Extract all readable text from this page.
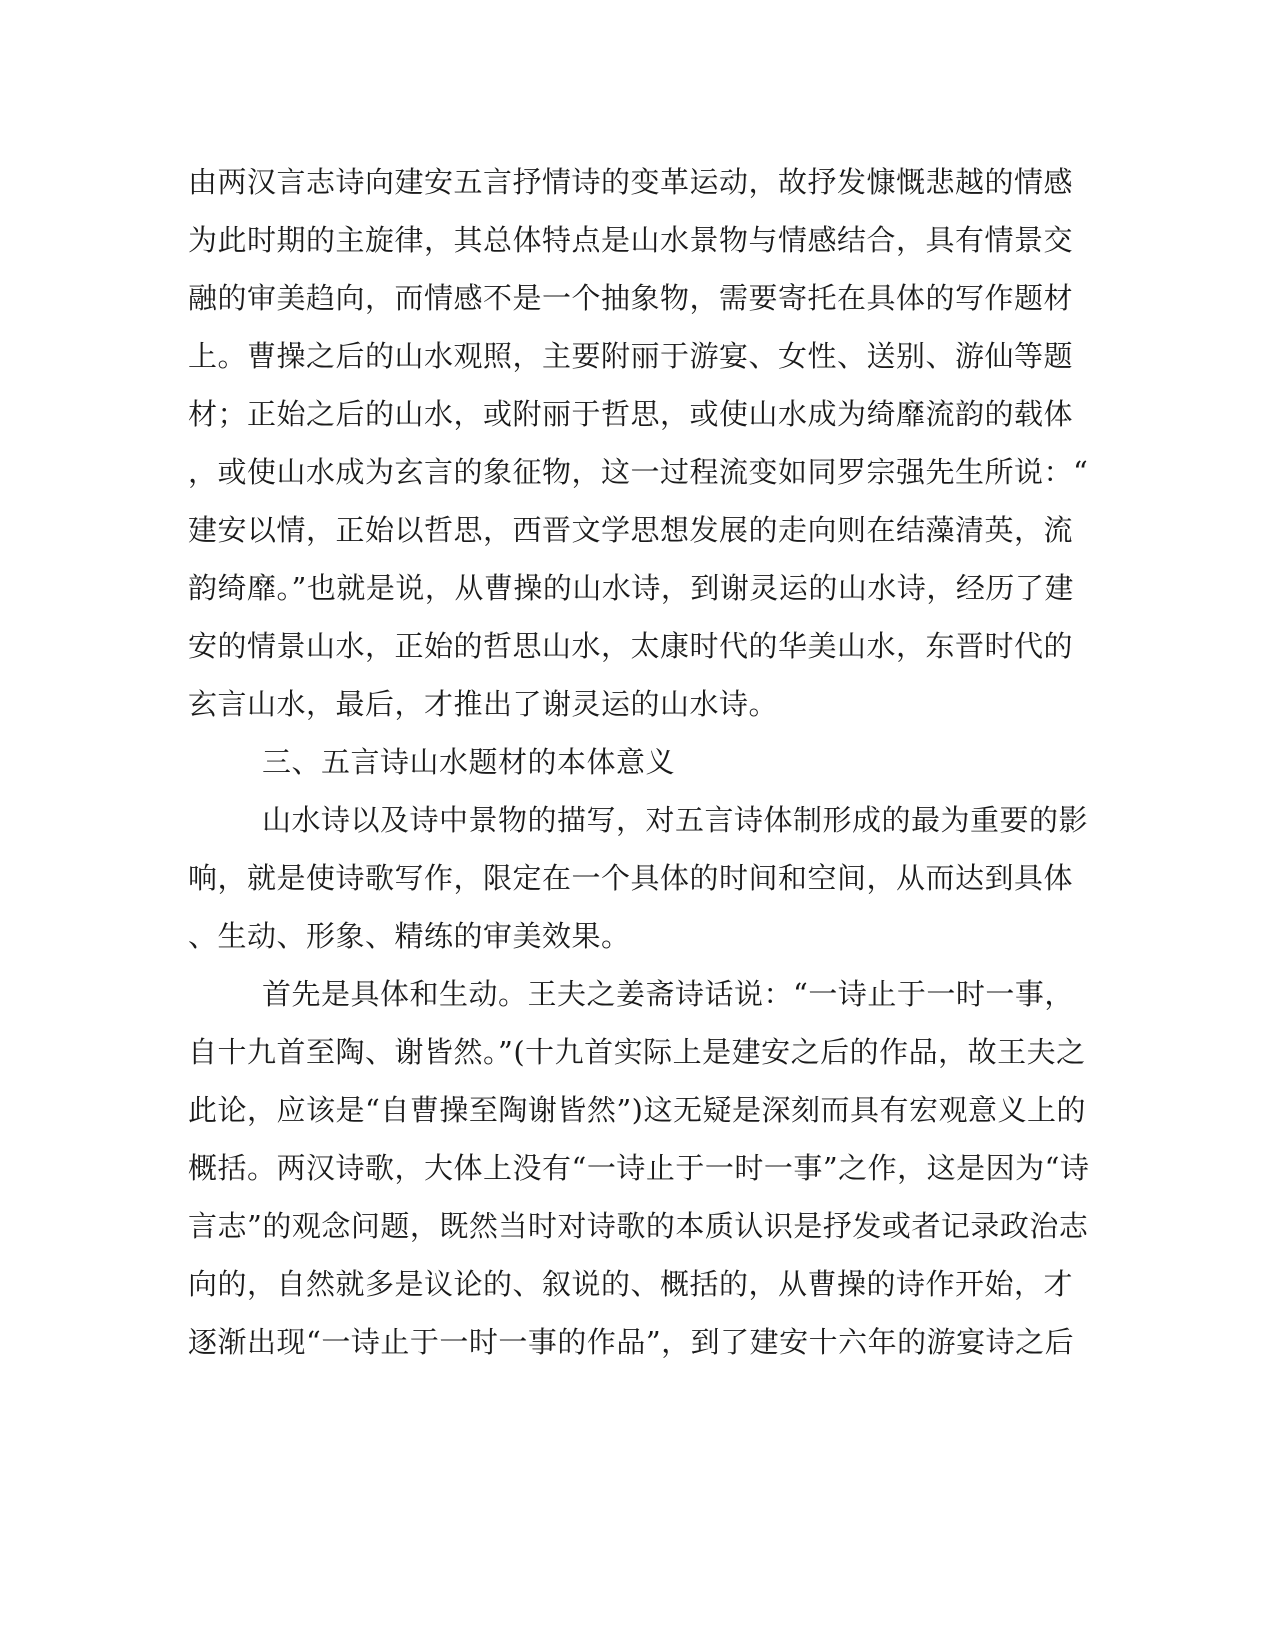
由两汉言志诗向建安五言抒情诗的变革运动，故抒发慷慨悲越的情感
为此时期的主旋律，其总体特点是山水景物与情感结合，具有情景交
融的审美趋向，而情感不是一个抽象物，需要寄托在具体的写作题材
上。曹操之后的山水观照，主要附丽于游宴、女性、送别、游仙等题
材；正始之后的山水，或附丽于哲思，或使山水成为绮靡流韵的载体
，或使山水成为玄言的象征物，这一过程流变如同罗宗强先生所说：“
建安以情，正始以哲思，西晋文学思想发展的走向则在结藻清英，流
韵绮靡。”也就是说，从曹操的山水诗，到谢灵运的山水诗，经历了建
安的情景山水，正始的哲思山水，太康时代的华美山水，东晋时代的
玄言山水，最后，才推出了谢灵运的山水诗。
三、五言诗山水题材的本体意义
山水诗以及诗中景物的描写，对五言诗体制形成的最为重要的影
响，就是使诗歌写作，限定在一个具体的时间和空间，从而达到具体
、生动、形象、精练的审美效果。
首先是具体和生动。王夫之姜斋诗话说：“一诗止于一时一事，
自十九首至陶、谢皆然。”(十九首实际上是建安之后的作品，故王夫之
此论，应该是“自曹操至陶谢皆然”)这无疑是深刻而具有宏观意义上的
概括。两汉诗歌，大体上没有“一诗止于一时一事”之作，这是因为“诗
言志”的观念问题，既然当时对诗歌的本质认识是抒发或者记录政治志
向的，自然就多是议论的、叙说的、概括的，从曹操的诗作开始，才
逐渐出现“一诗止于一时一事的作品”，到了建安十六年的游宴诗之后
